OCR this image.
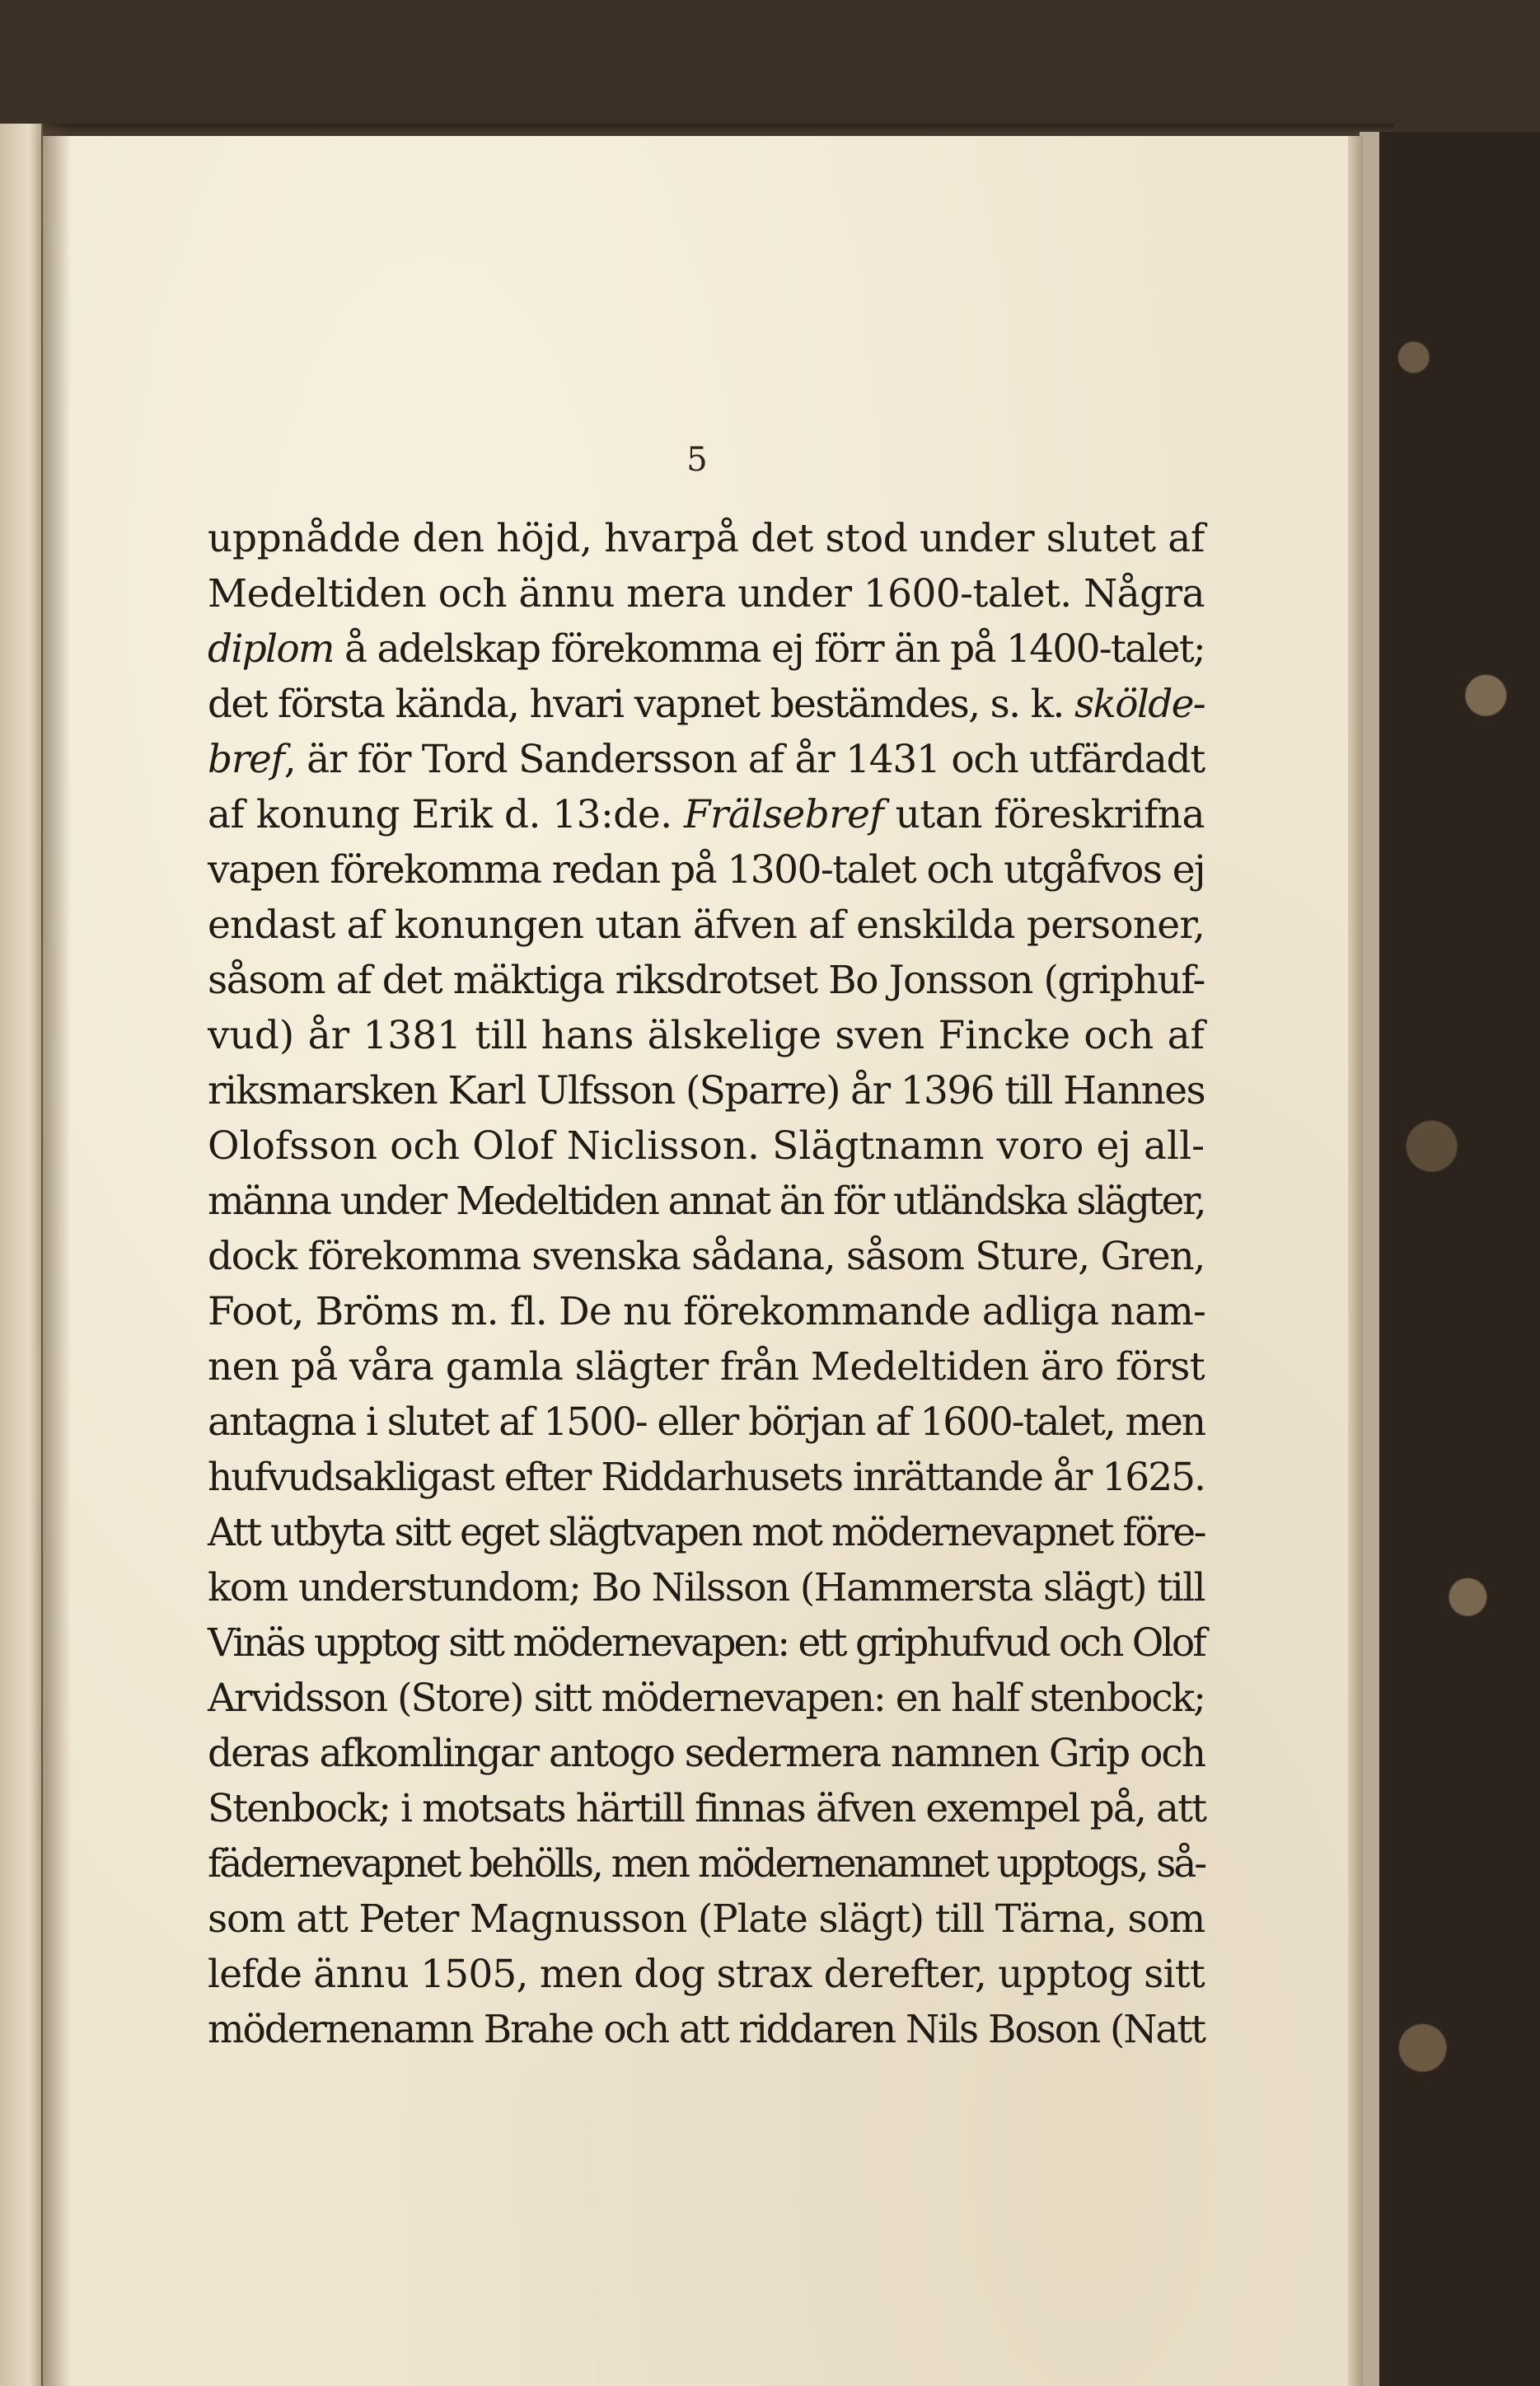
5
uppnådde den höjd, hvarpå det stod under slutet af
Medeltiden och ännu mera under 1600-talet. Några
diplom å adelskap förekomma ej förr än på 1400-talet;
det första kända, hvari vapnet bestämdes, s. k. skölde-
bref, är för Tord Sandersson af år 1431 och utfärdadt
af konung Erik d. 13:de. Frälsebref utan föreskrifna
vapen förekomma redan på 1300-talet och utgåfvos ej
endast af konungen utan äfven af enskilda personer,
såsom af det mäktiga riksdrotset Bo Jonsson (griphuf-
vud) år 1381 till hans älskelige sven Fincke och af
riksmarsken Karl Ulfsson (Sparre) år 1396 till Hannes
Olofsson och Olof Niclisson. Slägtnamn voro ej all-
männa under Medeltiden annat än för utländska slägter,
dock förekomma svenska sådana, såsom Sture, Gren,
Foot, Bröms m. fl. De nu förekommande adliga nam-
nen på våra gamla slägter från Medeltiden äro först
antagna i slutet af 1500- eller början af 1600-talet, men
hufvudsakligast efter Riddarhusets inrättande år 1625.
Att utbyta sitt eget slägtvapen mot mödernevapnet före-
kom understundom; Bo Nilsson (Hammersta slägt) till
Vinäs upptog sitt mödernevapen: ett griphufvud och Olof
Arvidsson (Store) sitt mödernevapen: en half stenbock;
deras afkomlingar antogo sedermera namnen Grip och
Stenbock; i motsats härtill finnas äfven exempel på, att
fädernevapnet behölls, men mödernenamnet upptogs, så-
som att Peter Magnusson (Plate slägt) till Tärna, som
lefde ännu 1505, men dog strax derefter, upptog sitt
mödernenamn Brahe och att riddaren Nils Boson (Natt
